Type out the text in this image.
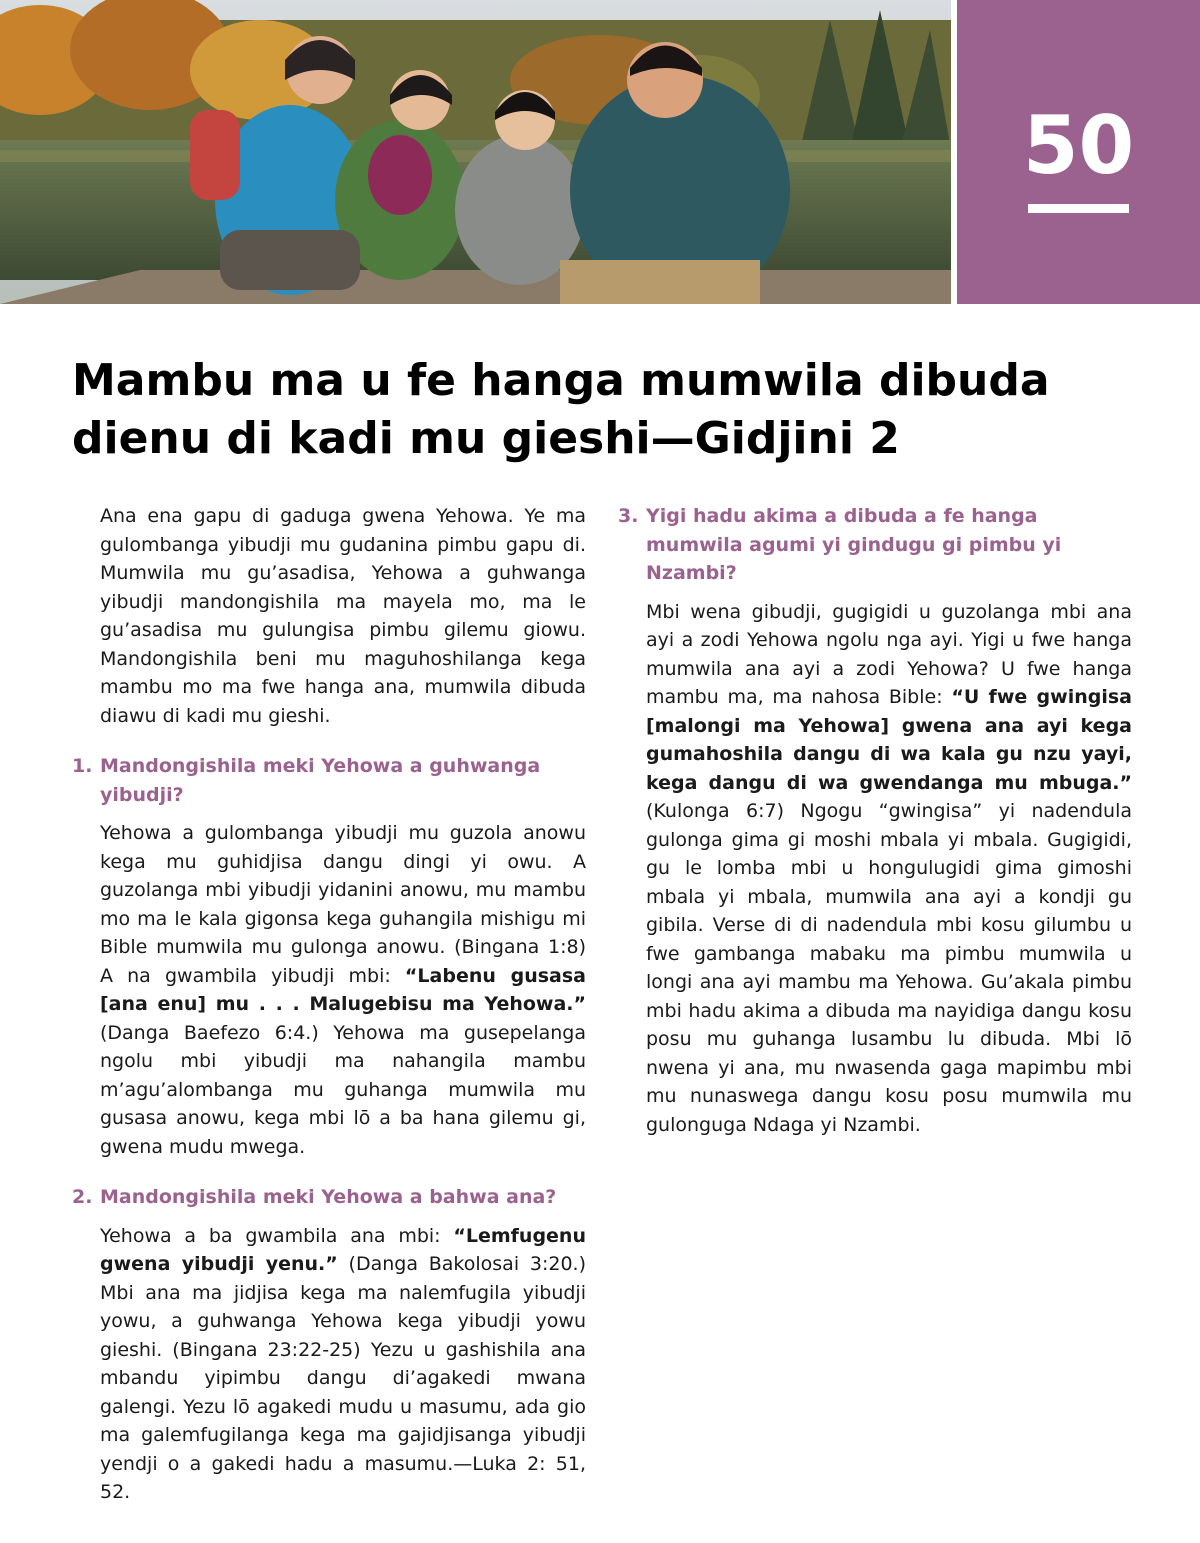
50
Mambu ma u fe hanga mumwila dibuda dienu di kadi mu gieshi—Gidjini 2

Ana ena gapu di gaduga gwena Yehowa. Ye ma gulombanga yibudji mu gudanina pimbu gapu di. Mumwila mu gu’asadisa, Yehowa a guhwanga yibudji mandongishila ma mayela mo, ma le gu’asadisa mu gulungisa pimbu gilemu giowu. Mandongishila beni mu maguhoshilanga kega mambu mo ma fwe hanga ana, mumwila dibuda diawu di kadi mu gieshi.

1. Mandongishila meki Yehowa a guhwanga yibudji?

Yehowa a gulombanga yibudji mu guzola anowu kega mu guhidjisa dangu dingi yi owu. A guzolanga mbi yibudji yidanini anowu, mu mambu mo ma le kala gigonsa kega guhangila mishigu mi Bible mumwila mu gulonga anowu. (Bingana 1:8) A na gwambila yibudji mbi: “Labenu gusasa [ana enu] mu . . . Malugebisu ma Yehowa.” (Danga Baefezo 6:4.) Yehowa ma gusepelanga ngolu mbi yibudji ma nahangila mambu m’agu’alombanga mu guhanga mumwila mu gusasa anowu, kega mbi lō a ba hana gilemu gi, gwena mudu mwega.

2. Mandongishila meki Yehowa a bahwa ana?

Yehowa a ba gwambila ana mbi: “Lemfugenu gwena yibudji yenu.” (Danga Bakolosai 3:20.) Mbi ana ma jidjisa kega ma nalemfugila yibudji yowu, a guhwanga Yehowa kega yibudji yowu gieshi. (Bingana 23:22-25) Yezu u gashishila ana mbandu yipimbu dangu di’agakedi mwana galengi. Yezu lō agakedi mudu u masumu, ada gio ma galemfugilanga kega ma gajidjisanga yibudji yendji o a gakedi hadu a masumu.—Luka 2: 51, 52.

3. Yigi hadu akima a dibuda a fe hanga mumwila agumi yi gindugu gi pimbu yi Nzambi?

Mbi wena gibudji, gugigidi u guzolanga mbi ana ayi a zodi Yehowa ngolu nga ayi. Yigi u fwe hanga mumwila ana ayi a zodi Yehowa? U fwe hanga mambu ma, ma nahosa Bible: “U fwe gwingisa [malongi ma Yehowa] gwena ana ayi kega gumahoshila dangu di wa kala gu nzu yayi, kega dangu di wa gwendanga mu mbuga.” (Kulonga 6:7) Ngogu “gwingisa” yi nadendula gulonga gima gi moshi mbala yi mbala. Gugigidi, gu le lomba mbi u hongulugidi gima gimoshi mbala yi mbala, mumwila ana ayi a kondji gu gibila. Verse di di nadendula mbi kosu gilumbu u fwe gambanga mabaku ma pimbu mumwila u longi ana ayi mambu ma Yehowa. Gu’akala pimbu mbi hadu akima a dibuda ma nayidiga dangu kosu posu mu guhanga lusambu lu dibuda. Mbi lō nwena yi ana, mu nwasenda gaga mapimbu mbi mu nunaswega dangu kosu posu mumwila mu gulonguga Ndaga yi Nzambi.
